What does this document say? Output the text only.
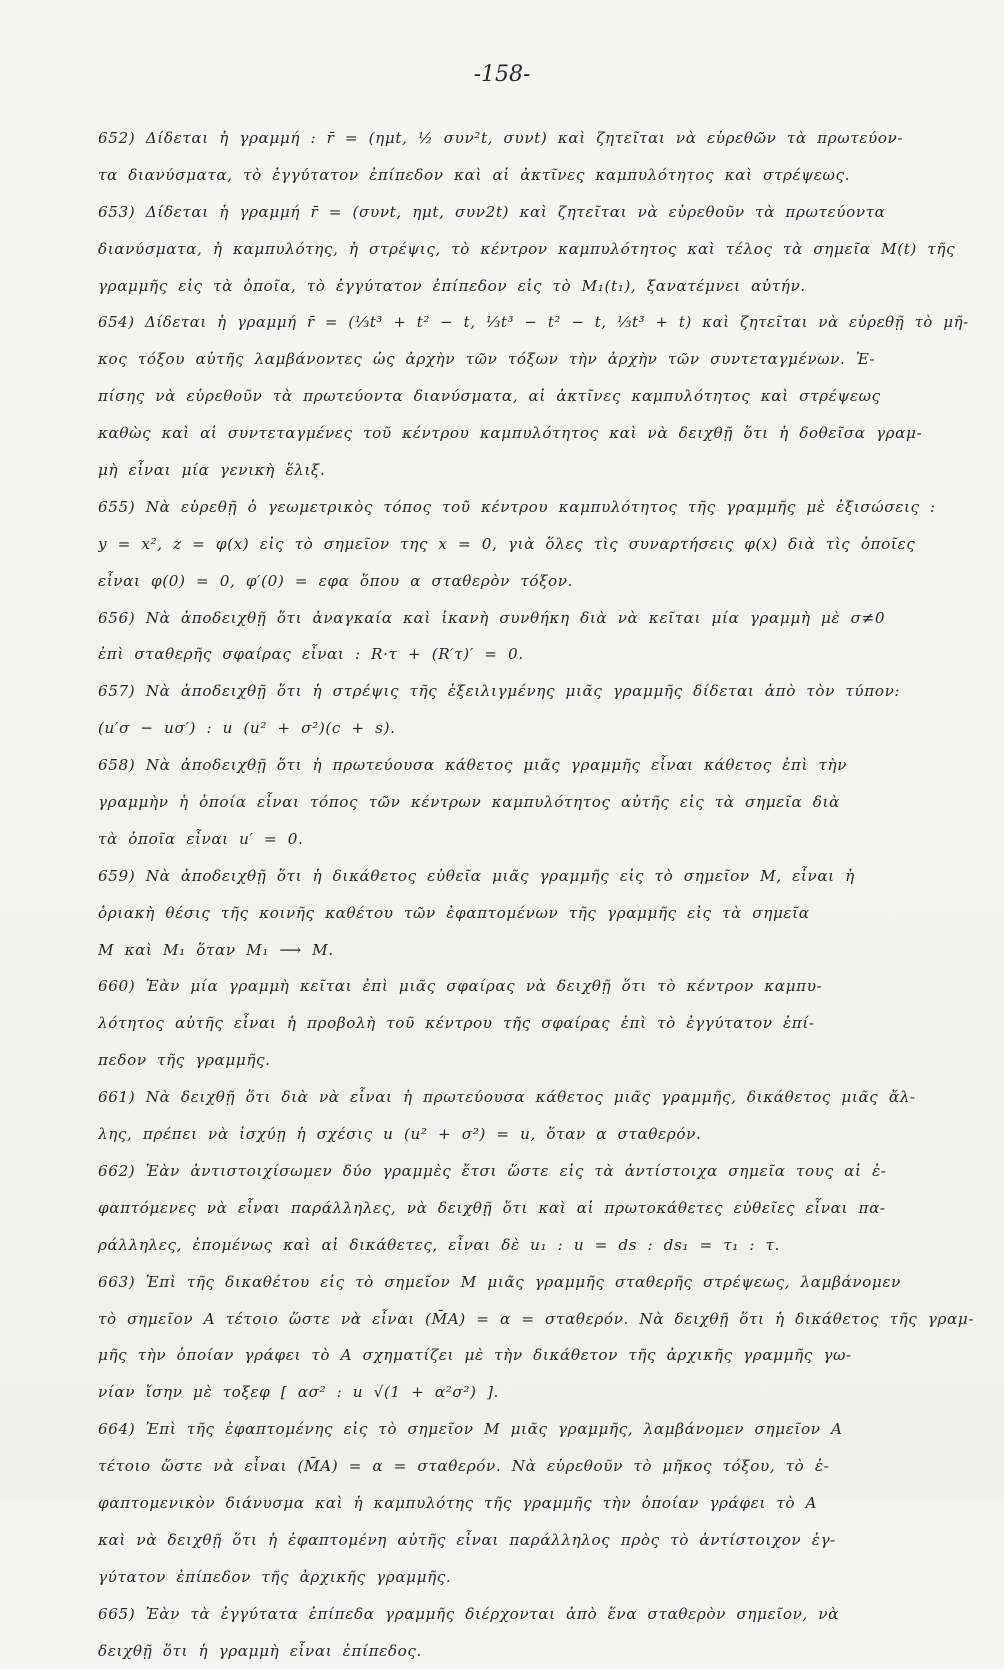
-158-
652) Δίδεται ἡ γραμμή : r̄ = (ημt, ½ συν²t, συνt) καὶ ζητεῖται νὰ εὑρεθῶν τὰ πρωτεύον-
τα διανύσματα, τὸ ἐγγύτατον ἐπίπεδον καὶ αἱ ἀκτῖνες καμπυλότητος καὶ στρέψεως.
653) Δίδεται ἡ γραμμή r̄ = (συνt, ημt, συν2t) καὶ ζητεῖται νὰ εὑρεθοῦν τὰ πρωτεύοντα
διανύσματα, ἡ καμπυλότης, ἡ στρέψις, τὸ κέντρον καμπυλότητος καὶ τέλος τὰ σημεῖα M(t) τῆς
γραμμῆς εἰς τὰ ὁποῖα, τὸ ἐγγύτατον ἐπίπεδον εἰς τὸ M₁(t₁), ξανατέμνει αὐτήν.
654) Δίδεται ἡ γραμμή r̄ = (⅓t³ + t² − t, ⅓t³ − t² − t, ⅓t³ + t) καὶ ζητεῖται νὰ εὑρεθῇ τὸ μῆ-
κος τόξου αὐτῆς λαμβάνοντες ὡς ἀρχὴν τῶν τόξων τὴν ἀρχὴν τῶν συντεταγμένων. Ἐ-
πίσης νὰ εὑρεθοῦν τὰ πρωτεύοντα διανύσματα, αἱ ἀκτῖνες καμπυλότητος καὶ στρέψεως
καθὼς καὶ αἱ συντεταγμένες τοῦ κέντρου καμπυλότητος καὶ νὰ δειχθῇ ὅτι ἡ δοθεῖσα γραμ-
μὴ εἶναι μία γενικὴ ἕλιξ.
655) Νὰ εὑρεθῇ ὁ γεωμετρικὸς τόπος τοῦ κέντρου καμπυλότητος τῆς γραμμῆς μὲ ἐξισώσεις :
y = x², z = φ(x) εἰς τὸ σημεῖον της x = 0, γιὰ ὅλες τὶς συναρτήσεις φ(x) διὰ τὶς ὁποῖες
εἶναι φ(0) = 0, φ′(0) = εφα ὅπου α σταθερὸν τόξον.
656) Νὰ ἀποδειχθῇ ὅτι ἀναγκαία καὶ ἱκανὴ συνθήκη διὰ νὰ κεῖται μία γραμμὴ μὲ σ≠0
ἐπὶ σταθερῆς σφαίρας εἶναι : R·τ + (R′τ)′ = 0.
657) Νὰ ἀποδειχθῇ ὅτι ἡ στρέψις τῆς ἐξειλιγμένης μιᾶς γραμμῆς δίδεται ἀπὸ τὸν τύπον:
(u′σ − uσ′) : u (u² + σ²)(c + s).
658) Νὰ ἀποδειχθῇ ὅτι ἡ πρωτεύουσα κάθετος μιᾶς γραμμῆς εἶναι κάθετος ἐπὶ τὴν
γραμμὴν ἡ ὁποία εἶναι τόπος τῶν κέντρων καμπυλότητος αὐτῆς εἰς τὰ σημεῖα διὰ
τὰ ὁποῖα εἶναι u′ = 0.
659) Νὰ ἀποδειχθῇ ὅτι ἡ δικάθετος εὐθεῖα μιᾶς γραμμῆς εἰς τὸ σημεῖον M, εἶναι ἡ
ὁριακὴ θέσις τῆς κοινῆς καθέτου τῶν ἐφαπτομένων τῆς γραμμῆς εἰς τὰ σημεῖα
M καὶ M₁ ὅταν M₁ ⟶ M.
660) Ἐὰν μία γραμμὴ κεῖται ἐπὶ μιᾶς σφαίρας νὰ δειχθῇ ὅτι τὸ κέντρον καμπυ-
λότητος αὐτῆς εἶναι ἡ προβολὴ τοῦ κέντρου τῆς σφαίρας ἐπὶ τὸ ἐγγύτατον ἐπί-
πεδον τῆς γραμμῆς.
661) Νὰ δειχθῇ ὅτι διὰ νὰ εἶναι ἡ πρωτεύουσα κάθετος μιᾶς γραμμῆς, δικάθετος μιᾶς ἄλ-
λης, πρέπει νὰ ἰσχύῃ ἡ σχέσις u (u² + σ²) = u, ὅταν α σταθερόν.
662) Ἐὰν ἀντιστοιχίσωμεν δύο γραμμὲς ἔτσι ὥστε εἰς τὰ ἀντίστοιχα σημεῖα τους αἱ ἐ-
φαπτόμενες νὰ εἶναι παράλληλες, νὰ δειχθῇ ὅτι καὶ αἱ πρωτοκάθετες εὐθεῖες εἶναι πα-
ράλληλες, ἐπομένως καὶ αἱ δικάθετες, εἶναι δὲ u₁ : u = ds : ds₁ = τ₁ : τ.
663) Ἐπὶ τῆς δικαθέτου εἰς τὸ σημεῖον M μιᾶς γραμμῆς σταθερῆς στρέψεως, λαμβάνομεν
τὸ σημεῖον A τέτοιο ὥστε νὰ εἶναι (M̄A) = α = σταθερόν. Νὰ δειχθῇ ὅτι ἡ δικάθετος τῆς γραμ-
μῆς τὴν ὁποίαν γράφει τὸ A σχηματίζει μὲ τὴν δικάθετον τῆς ἀρχικῆς γραμμῆς γω-
νίαν ἴσην μὲ τοξεφ [ ασ² : u √(1 + α²σ²) ].
664) Ἐπὶ τῆς ἐφαπτομένης εἰς τὸ σημεῖον M μιᾶς γραμμῆς, λαμβάνομεν σημεῖον A
τέτοιο ὥστε νὰ εἶναι (M̄A) = α = σταθερόν. Νὰ εὑρεθοῦν τὸ μῆκος τόξου, τὸ ἐ-
φαπτομενικὸν διάνυσμα καὶ ἡ καμπυλότης τῆς γραμμῆς τὴν ὁποίαν γράφει τὸ A
καὶ νὰ δειχθῇ ὅτι ἡ ἐφαπτομένη αὐτῆς εἶναι παράλληλος πρὸς τὸ ἀντίστοιχον ἐγ-
γύτατον ἐπίπεδον τῆς ἀρχικῆς γραμμῆς.
665) Ἐὰν τὰ ἐγγύτατα ἐπίπεδα γραμμῆς διέρχονται ἀπὸ ἕνα σταθερὸν σημεῖον, νὰ
δειχθῇ ὅτι ἡ γραμμὴ εἶναι ἐπίπεδος.
